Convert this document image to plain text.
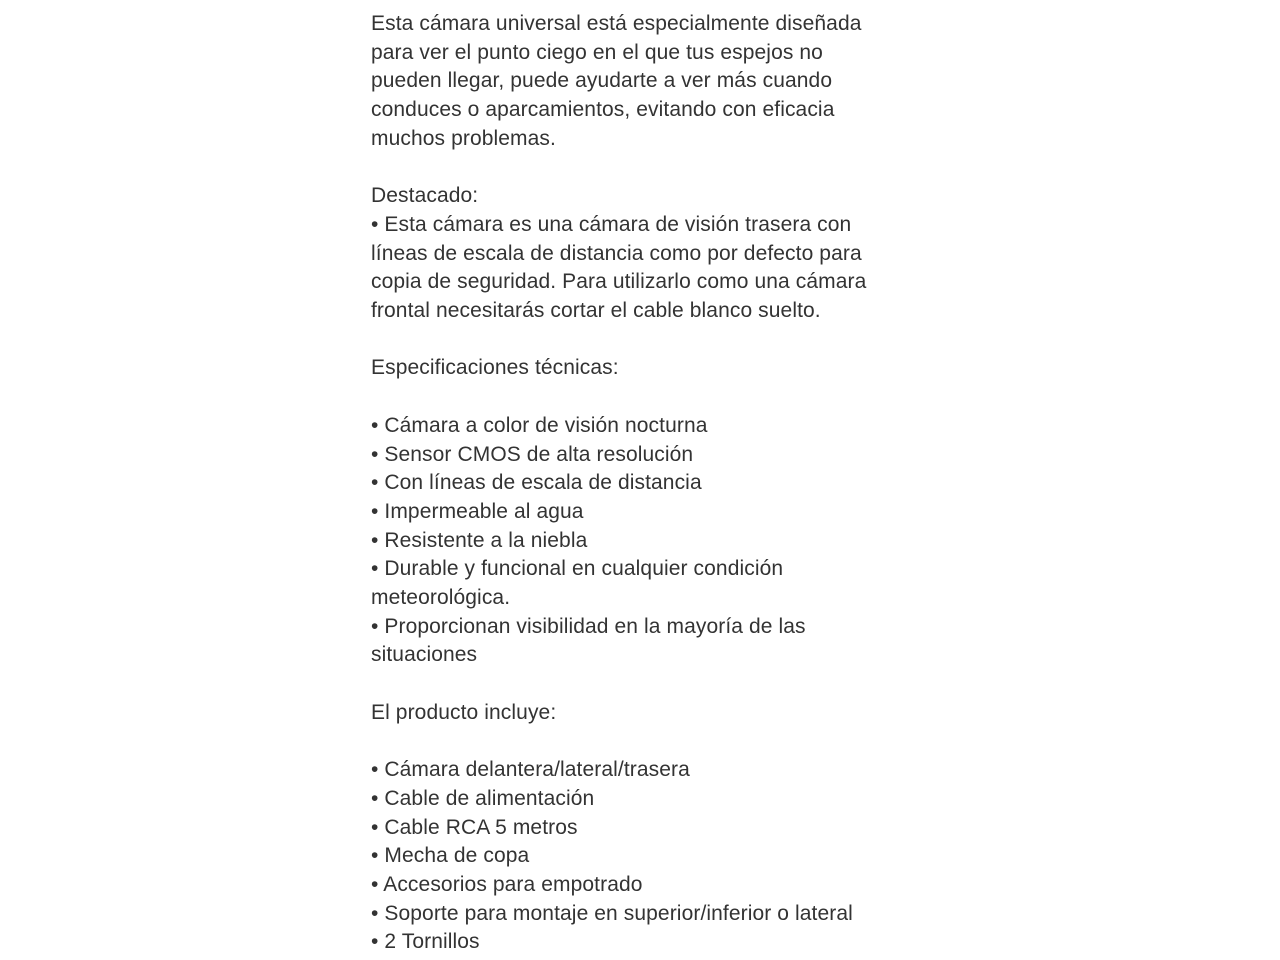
Esta cámara universal está especialmente diseñada
para ver el punto ciego en el que tus espejos no
pueden llegar, puede ayudarte a ver más cuando
conduces o aparcamientos, evitando con eficacia
muchos problemas.
Destacado:
• Esta cámara es una cámara de visión trasera con
líneas de escala de distancia como por defecto para
copia de seguridad. Para utilizarlo como una cámara
frontal necesitarás cortar el cable blanco suelto.
Especificaciones técnicas:
• Cámara a color de visión nocturna
• Sensor CMOS de alta resolución
• Con líneas de escala de distancia
• Impermeable al agua
• Resistente a la niebla
• Durable y funcional en cualquier condición
meteorológica.
• Proporcionan visibilidad en la mayoría de las
situaciones
El producto incluye:
• Cámara delantera/lateral/trasera
• Cable de alimentación
• Cable RCA 5 metros
• Mecha de copa
• Accesorios para empotrado
• Soporte para montaje en superior/inferior o lateral
• 2 Tornillos
